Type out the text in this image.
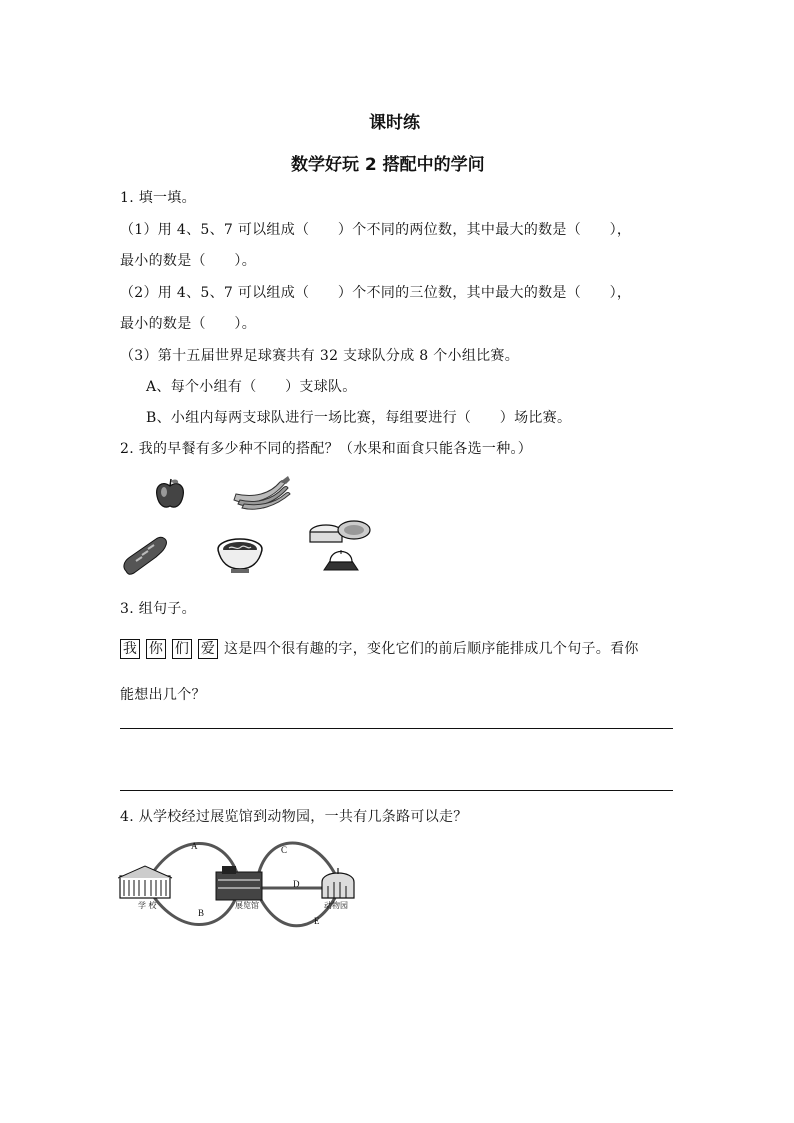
课时练
数学好玩 2 搭配中的学问
1. 填一填。
（1）用 4、5、7 可以组成（　　）个不同的两位数，其中最大的数是（　　），
最小的数是（　　）。
（2）用 4、5、7 可以组成（　　）个不同的三位数，其中最大的数是（　　），
最小的数是（　　）。
（3）第十五届世界足球赛共有 32 支球队分成 8 个小组比赛。
A、每个小组有（　　）支球队。
B、小组内每两支球队进行一场比赛，每组要进行（　　）场比赛。
2. 我的早餐有多少种不同的搭配？（水果和面食只能各选一种。）
3. 组句子。
我 你 们 爱 这是四个很有趣的字，变化它们的前后顺序能排成几个句子。看你
能想出几个？
4. 从学校经过展览馆到动物园，一共有几条路可以走？
A
B
C
D
E
学 校	展览馆	动物园
